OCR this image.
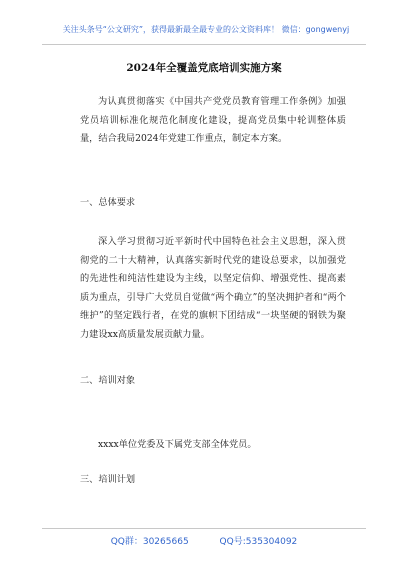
关注头条号“公文研究”，获得最新最全最专业的公文资料库！ 微信：gongwenyj
2024年全覆盖党底培训实施方案
为认真贯彻落实《中国共产党党员教育管理工作条例》加强党员培训标准化规范化制度化建设，提高党员集中轮训整体质量，结合我局2024年党建工作重点，制定本方案。
一、总体要求
深入学习贯彻习近平新时代中国特色社会主义思想，深入贯彻党的二十大精神，认真落实新时代党的建设总要求，以加强党的先进性和纯洁性建设为主线，以坚定信仰、增强党性、提高素质为重点，引导广大党员自觉做“两个确立”的坚决拥护者和“两个维护”的坚定践行者，在党的旗帜下团结成“一块坚硬的钢铁为聚力建设xx高质量发展贡献力量。
二、培训对象
xxxx单位党委及下属党支部全体党员。
三、培训计划
QQ群：30265665	QQ号:535304092
